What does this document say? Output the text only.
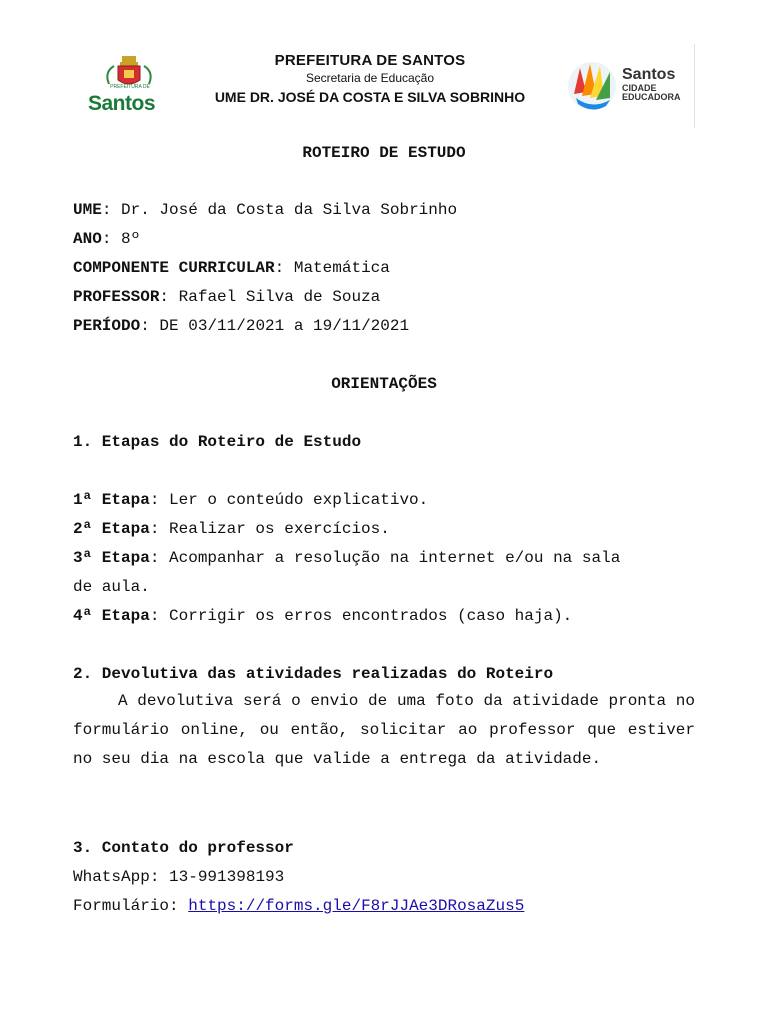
PREFEITURA DE
Santos
PREFEITURA DE SANTOS
Secretaria de Educação
UME DR. JOSÉ DA COSTA E SILVA SOBRINHO
Santos
CIDADE
EDUCADORA
ROTEIRO DE ESTUDO
UME: Dr. José da Costa da Silva Sobrinho
ANO: 8º
COMPONENTE CURRICULAR: Matemática
PROFESSOR: Rafael Silva de Souza
PERÍODO: DE 03/11/2021 a 19/11/2021
ORIENTAÇÕES
1. Etapas do Roteiro de Estudo
1ª Etapa: Ler o conteúdo explicativo.
2ª Etapa: Realizar os exercícios.
3ª Etapa: Acompanhar a resolução na internet e/ou na sala
de aula.
4ª Etapa: Corrigir os erros encontrados (caso haja).
2. Devolutiva das atividades realizadas do Roteiro
A devolutiva será o envio de uma foto da atividade pronta no formulário online, ou então, solicitar ao professor que estiver no seu dia na escola que valide a entrega da atividade.
3. Contato do professor
WhatsApp: 13-991398193
Formulário: https://forms.gle/F8rJJAe3DRosaZus5
